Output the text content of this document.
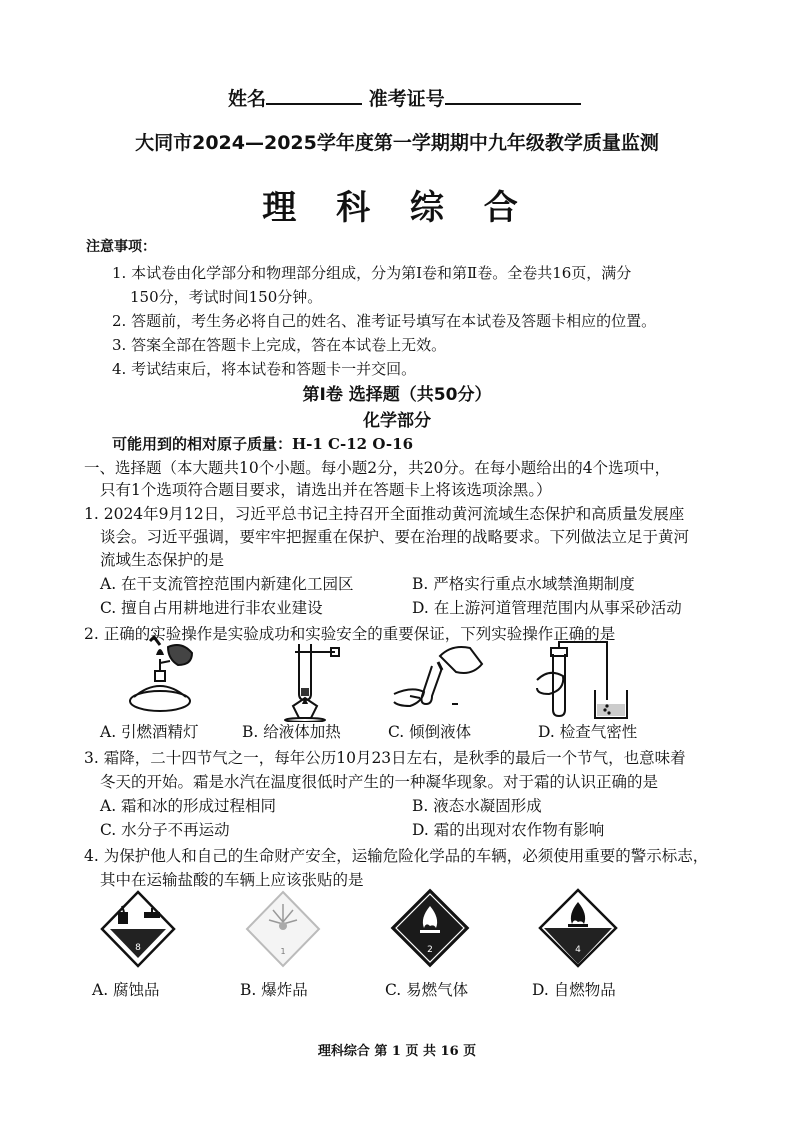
姓名	准考证号
大同市2024—2025学年度第一学期期中九年级教学质量监测
理 科 综 合
注意事项：
1. 本试卷由化学部分和物理部分组成，分为第Ⅰ卷和第Ⅱ卷。全卷共16页，满分
150分，考试时间150分钟。
2. 答题前，考生务必将自己的姓名、准考证号填写在本试卷及答题卡相应的位置。
3. 答案全部在答题卡上完成，答在本试卷上无效。
4. 考试结束后，将本试卷和答题卡一并交回。
第Ⅰ卷 选择题（共50分）
化学部分
可能用到的相对原子质量：H-1 C-12 O-16
一、选择题（本大题共10个小题。每小题2分，共20分。在每小题给出的4个选项中，
只有1个选项符合题目要求，请选出并在答题卡上将该选项涂黑。）
1. 2024年9月12日，习近平总书记主持召开全面推动黄河流域生态保护和高质量发展座
谈会。习近平强调，要牢牢把握重在保护、要在治理的战略要求。下列做法立足于黄河
流域生态保护的是
A. 在干支流管控范围内新建化工园区	B. 严格实行重点水域禁渔期制度
C. 擅自占用耕地进行非农业建设	D. 在上游河道管理范围内从事采砂活动
2. 正确的实验操作是实验成功和实验安全的重要保证，下列实验操作正确的是
A. 引燃酒精灯	B. 给液体加热	C. 倾倒液体	D. 检查气密性
3. 霜降，二十四节气之一，每年公历10月23日左右，是秋季的最后一个节气，也意味着
冬天的开始。霜是水汽在温度很低时产生的一种凝华现象。对于霜的认识正确的是
A. 霜和冰的形成过程相同	B. 液态水凝固形成
C. 水分子不再运动	D. 霜的出现对农作物有影响
4. 为保护他人和自己的生命财产安全，运输危险化学品的车辆，必须使用重要的警示标志，
其中在运输盐酸的车辆上应该张贴的是
8	1	2	4
A. 腐蚀品	B. 爆炸品	C. 易燃气体	D. 自燃物品
理科综合 第 1 页 共 16 页
